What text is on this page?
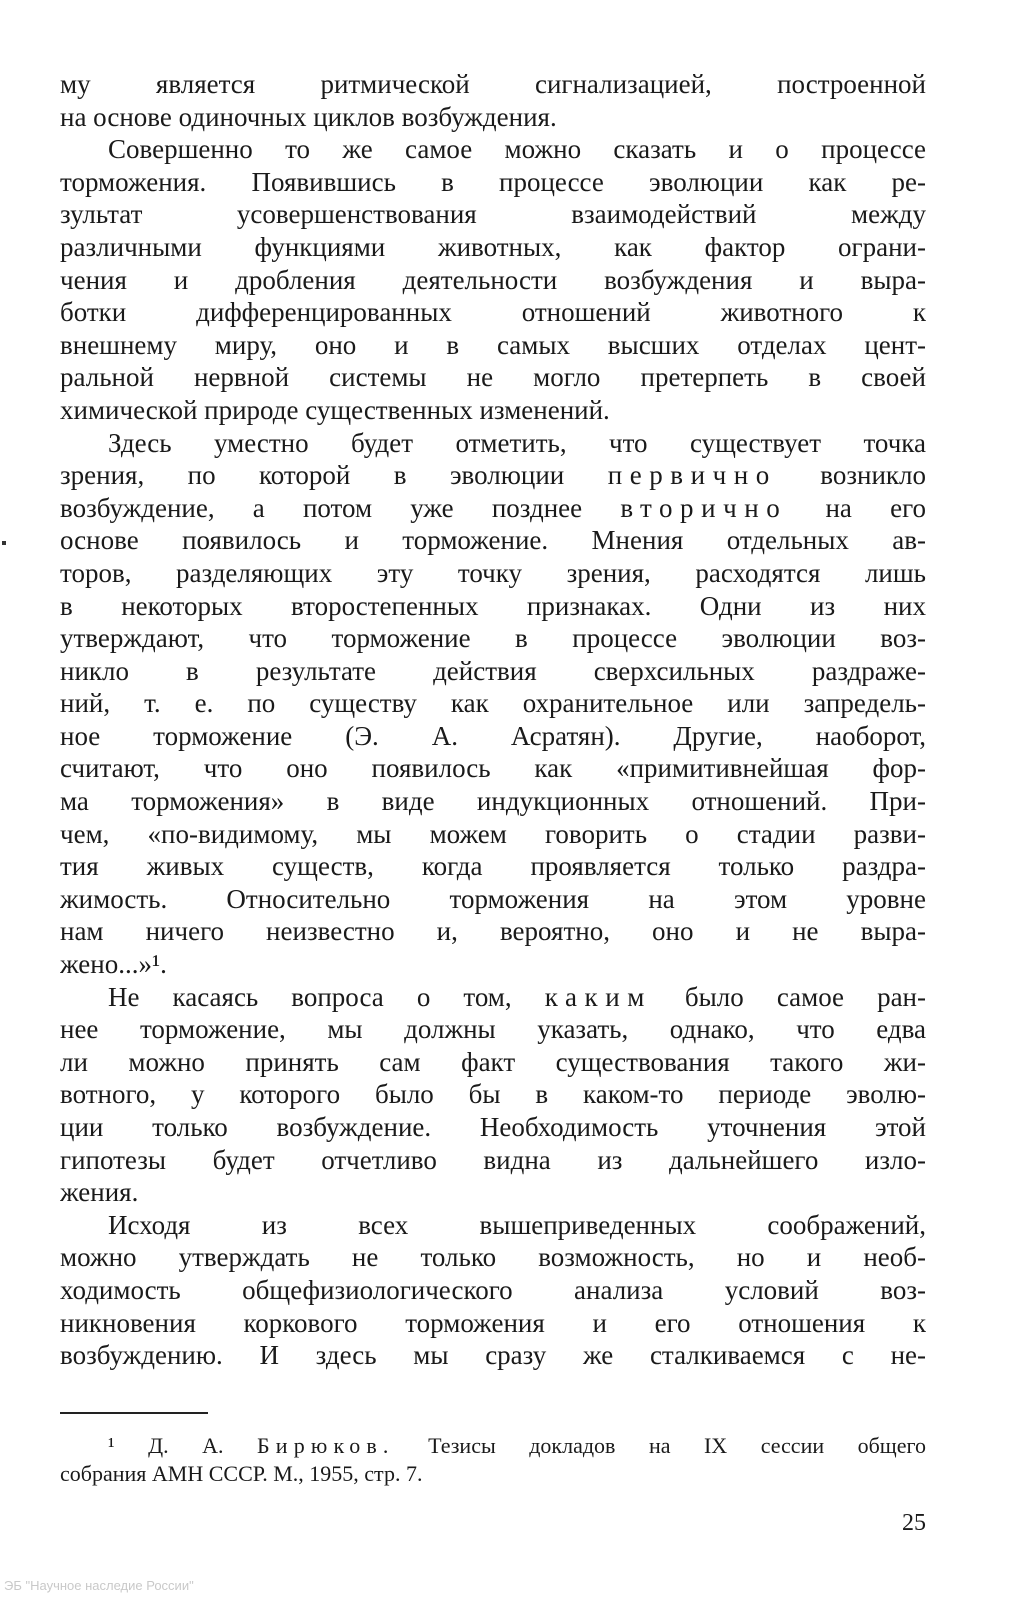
му является ритмической сигнализацией, построенной
на основе одиночных циклов возбуждения.
Совершенно то же самое можно сказать и о процессе
торможения. Появившись в процессе эволюции как ре-
зультат усовершенствования взаимодействий между
различными функциями животных, как фактор ограни-
чения и дробления деятельности возбуждения и выра-
ботки дифференцированных отношений животного к
внешнему миру, оно и в самых высших отделах цент-
ральной нервной системы не могло претерпеть в своей
химической природе существенных изменений.
Здесь уместно будет отметить, что существует точка
зрения, по которой в эволюции первично возникло
возбуждение, а потом уже позднее вторично на его
основе появилось и торможение. Мнения отдельных ав-
торов, разделяющих эту точку зрения, расходятся лишь
в некоторых второстепенных признаках. Одни из них
утверждают, что торможение в процессе эволюции воз-
никло в результате действия сверхсильных раздраже-
ний, т. е. по существу как охранительное или запредель-
ное торможение (Э. А. Асратян). Другие, наоборот,
считают, что оно появилось как «примитивнейшая фор-
ма торможения» в виде индукционных отношений. При-
чем, «по-видимому, мы можем говорить о стадии разви-
тия живых существ, когда проявляется только раздра-
жимость. Относительно торможения на этом уровне
нам ничего неизвестно и, вероятно, оно и не выра-
жено...»¹.
Не касаясь вопроса о том, каким было самое ран-
нее торможение, мы должны указать, однако, что едва
ли можно принять сам факт существования такого жи-
вотного, у которого было бы в каком-то периоде эволю-
ции только возбуждение. Необходимость уточнения этой
гипотезы будет отчетливо видна из дальнейшего изло-
жения.
Исходя из всех вышеприведенных соображений,
можно утверждать не только возможность, но и необ-
ходимость общефизиологического анализа условий воз-
никновения коркового торможения и его отношения к
возбуждению. И здесь мы сразу же сталкиваемся с не-
¹ Д. А. Бирюков. Тезисы докладов на IX сессии общего
собрания АМН СССР. М., 1955, стр. 7.
25
ЭБ "Научное наследие России"
